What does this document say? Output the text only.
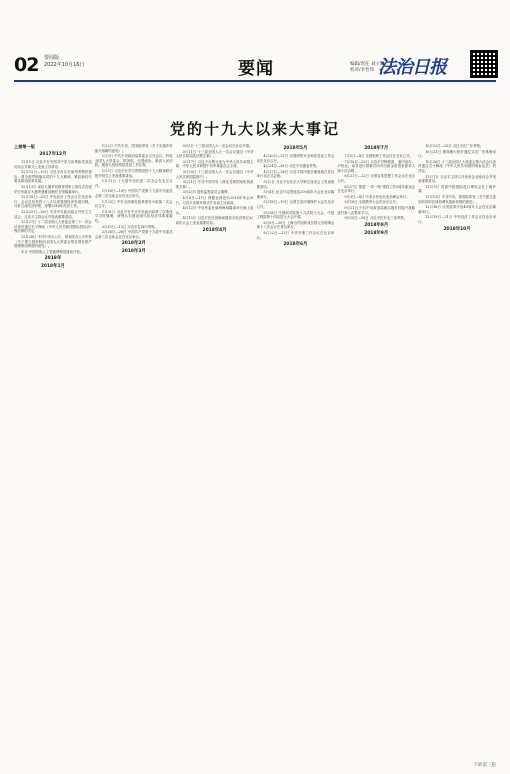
02 要闻版
2022年10月16日	要闻	编辑/责任 刘子阳
校对/李晋伟 法治日报
党的十九大以来大事记
上接第一版
2017年12月

12月1日 习近平在中国共产党与世界政党高层对话会开幕式上发表主旨讲话。

12月12日—13日 习近平在江苏徐州考察时指出，要全面贯彻落实党的十九大精神，紧扣新时代要求推动改革发展。

12月13日 南京大屠杀死难者国家公祭仪式在侵华日军南京大屠杀遇难同胞纪念馆隆重举行。

12月18日—20日 中央经济工作会议在北京举行。会议总结党的十八大以来我国经济发展历程，分析当前经济形势，部署2018年经济工作。

12月25日—26日 中共中央政治局召开民主生活会，习近平主持会议并发表重要讲话。

12月27日 十二届全国人大常委会第三十一次会议表决通过关于修改《中华人民共和国招标投标法》等法律的决定。

12月28日 中共中央办公厅、国务院办公厅印发《关于建立国务院向全国人大常委会报告国有资产管理情况制度的意见》。

本月 中国首座人工智能博物馆建成开放。

2018年
2018年1月

1月2日 中共中央、国务院印发《关于实施乡村振兴战略的意见》。

1月3日 中共中央政治局常委会召开会议，听取全国人大常委会、国务院、全国政协、最高人民法院、最高人民检察院党组工作汇报。

1月5日 习近平在学习贯彻党的十九大精神研讨班开班式上发表重要讲话。

1月11日 十九届中央纪委二次全会在北京召开。

1月18日—19日 中国共产党第十九届中央委员会第二次全体会议在北京举行。

1月23日 中央全面深化改革领导小组第二次会议召开。

1月31日 习近平在中共中央政治局第三次集体学习时强调，深刻认识建设现代化经济体系重要性。

2月10日—13日 习近平在四川考察。

2月26日—28日 中国共产党第十九届中央委员会第三次全体会议在北京举行。

2018年2月
2018年3月

3月5日 十三届全国人大一次会议在北京开幕。

3月11日 十三届全国人大一次会议通过《中华人民共和国宪法修正案》。

3月17日 习近平全票当选为中华人民共和国主席、中华人民共和国中央军事委员会主席。

3月20日 十三届全国人大一次会议通过《中华人民共和国监察法》。

3月21日 中共中央印发《深化党和国家机构改革方案》。

3月23日 国家监察委员会揭牌。

4月8日—11日 博鳌亚洲论坛2018年年会举行，习近平出席开幕式并发表主旨演讲。

4月12日 中央军委在南海海域隆重举行海上阅兵。

4月13日 习近平在庆祝海南建省办经济特区30周年大会上发表重要讲话。

2018年4月
2018年5月

4月20日—21日 全国网络安全和信息化工作会议在北京召开。

4月24日—28日 习近平在湖北考察。

4月27日—28日 习近平同印度总理莫迪在武汉举行非正式会晤。

5月2日 习近平在北京大学师生座谈会上发表重要讲话。

5月4日 纪念马克思诞辰200周年大会在北京隆重举行。

5月18日—19日 全国生态环境保护大会在北京召开。

5月28日 中国科学院第十九次院士大会、中国工程院第十四次院士大会开幕。

6月9日—10日 上海合作组织成员国元首理事会第十八次会议在青岛举行。

6月22日—23日 中央外事工作会议在北京举行。

2018年6月
2018年7月

7月3日—4日 全国组织工作会议在北京召开。

7月19日—29日 习近平对阿联酋、塞内加尔、卢旺达、南非进行国事访问并出席金砖国家领导人第十次会晤。

8月21日—22日 全国宣传思想工作会议在北京召开。

8月27日 推进“一带一路”建设工作5周年座谈会在北京举行。

9月3日—4日 中非合作论坛北京峰会举行。

9月10日 全国教育大会在北京召开。

9月21日 中共中央政治局就实施乡村振兴战略进行第八次集体学习。

9月25日—28日 习近平在东北三省考察。

2018年8月
2018年9月

10月22日—25日 习近平在广东考察。

10月23日 港珠澳大桥开通仪式在广东珠海举行。

10月26日 十三届全国人大常委会第六次会议表决通过关于修改《中华人民共和国刑事诉讼法》的决定。

11月1日 习近平主持召开民营企业座谈会并发表重要讲话。

11月5日 首届中国国际进口博览会在上海开幕。

11月13日 中共中央、国务院印发《关于建立更加有效的区域协调发展新机制的意见》。

12月18日 庆祝改革开放40周年大会在北京隆重举行。

12月19日—21日 中央经济工作会议在北京举行。

2018年10月
下转第三版
